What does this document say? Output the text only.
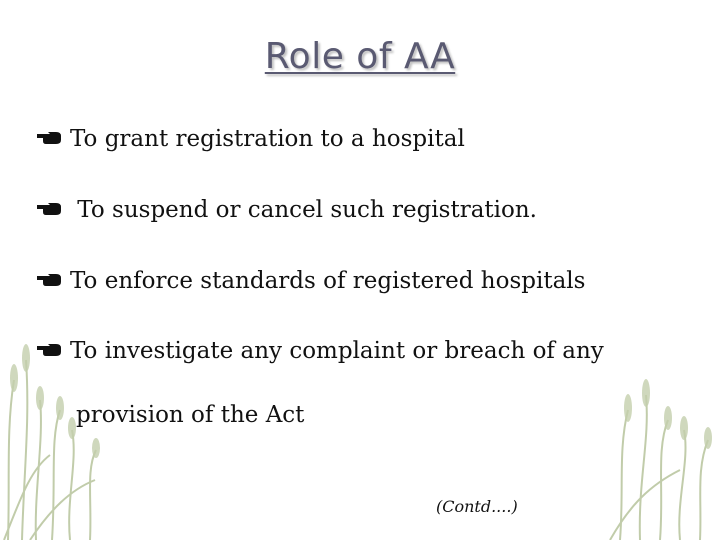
Role of AA
To grant registration to a hospital
To suspend or cancel such registration.
To enforce standards of registered hospitals
To investigate any complaint or breach of any
provision of the Act
(Contd....)
